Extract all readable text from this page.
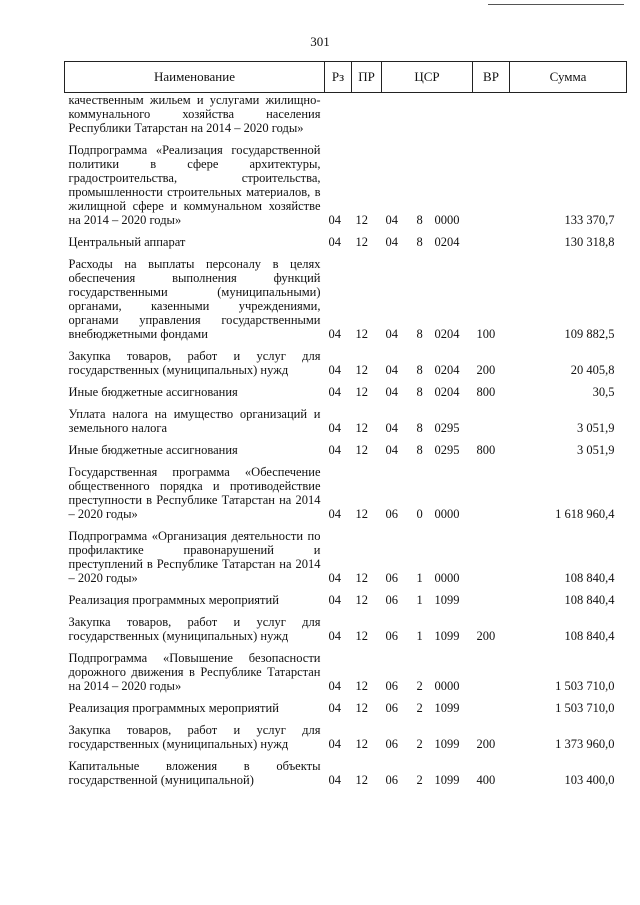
301
Наименование	Рз	ПР	ЦСР			ВР	Сумма
качественным жильем и услугами жилищно-коммунального хозяйства населения Республики Татарстан на 2014 – 2020 годы»							
Подпрограмма «Реализация государственной политики в сфере архитектуры, градостроительства, строительства, промышленности строительных материалов, в жилищной сфере и коммунальном хозяйстве на 2014 – 2020 годы»	04	12	04	8	0000		133 370,7
Центральный аппарат	04	12	04	8	0204		130 318,8
Расходы на выплаты персоналу в целях обеспечения выполнения функций государственными (муниципальными) органами, казенными учреждениями, органами управления государственными внебюджетными фондами	04	12	04	8	0204	100	109 882,5
Закупка товаров, работ и услуг для государственных (муниципальных) нужд	04	12	04	8	0204	200	20 405,8
Иные бюджетные ассигнования	04	12	04	8	0204	800	30,5
Уплата налога на имущество организаций и земельного налога	04	12	04	8	0295		3 051,9
Иные бюджетные ассигнования	04	12	04	8	0295	800	3 051,9
Государственная программа «Обеспечение общественного порядка и противодействие преступности в Республике Татарстан на 2014 – 2020 годы»	04	12	06	0	0000		1 618 960,4
Подпрограмма «Организация деятельности по профилактике правонарушений и преступлений в Республике Татарстан на 2014 – 2020 годы»	04	12	06	1	0000		108 840,4
Реализация программных мероприятий	04	12	06	1	1099		108 840,4
Закупка товаров, работ и услуг для государственных (муниципальных) нужд	04	12	06	1	1099	200	108 840,4
Подпрограмма «Повышение безопасности дорожного движения в Республике Татарстан на 2014 – 2020 годы»	04	12	06	2	0000		1 503 710,0
Реализация программных мероприятий	04	12	06	2	1099		1 503 710,0
Закупка товаров, работ и услуг для государственных (муниципальных) нужд	04	12	06	2	1099	200	1 373 960,0
Капитальные вложения в объекты государственной (муниципальной)	04	12	06	2	1099	400	103 400,0
